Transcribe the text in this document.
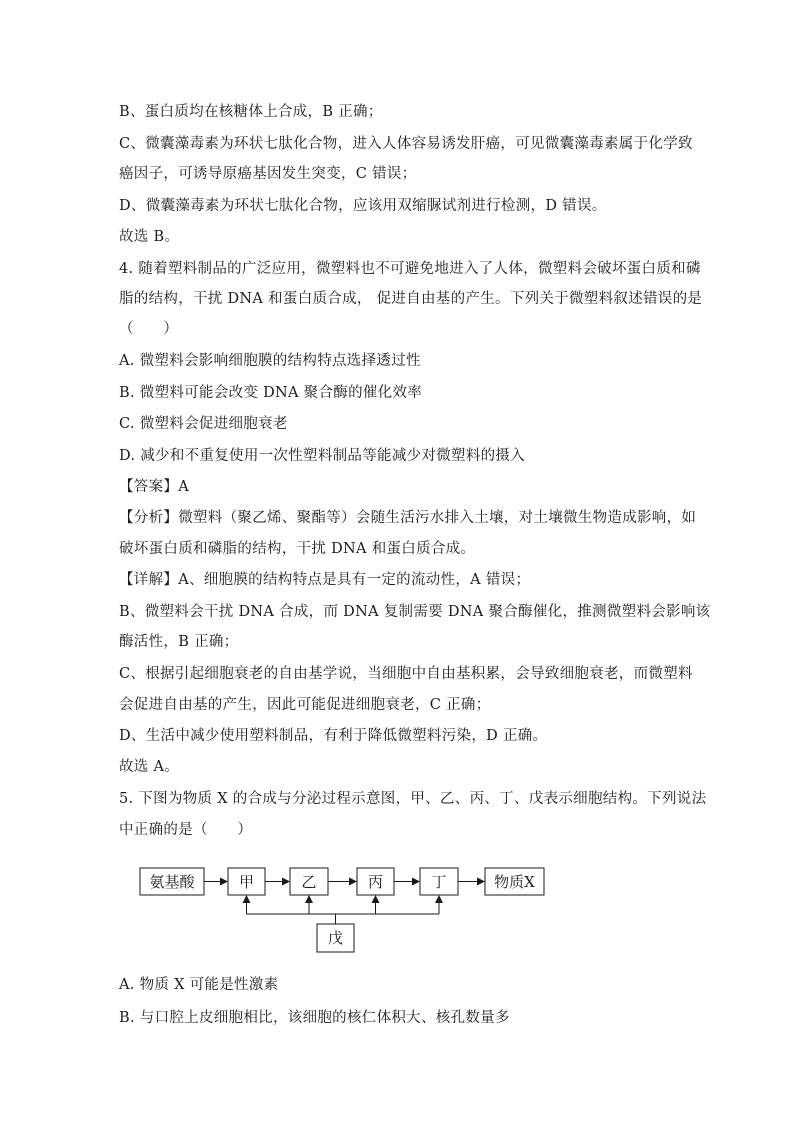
B、蛋白质均在核糖体上合成，B 正确；
C、微囊藻毒素为环状七肽化合物，进入人体容易诱发肝癌，可见微囊藻毒素属于化学致
癌因子，可诱导原癌基因发生突变，C 错误；
D、微囊藻毒素为环状七肽化合物，应该用双缩脲试剂进行检测，D 错误。
故选 B。
4. 随着塑料制品的广泛应用，微塑料也不可避免地进入了人体，微塑料会破坏蛋白质和磷
脂的结构，干扰 DNA 和蛋白质合成， 促进自由基的产生。下列关于微塑料叙述错误的是
（　　）
A. 微塑料会影响细胞膜的结构特点选择透过性
B. 微塑料可能会改变 DNA 聚合酶的催化效率
C. 微塑料会促进细胞衰老
D. 减少和不重复使用一次性塑料制品等能减少对微塑料的摄入
【答案】A
【分析】微塑料（聚乙烯、聚酯等）会随生活污水排入土壤，对土壤微生物造成影响，如
破坏蛋白质和磷脂的结构，干扰 DNA 和蛋白质合成。
【详解】A、细胞膜的结构特点是具有一定的流动性，A 错误；
B、微塑料会干扰 DNA 合成，而 DNA 复制需要 DNA 聚合酶催化，推测微塑料会影响该
酶活性，B 正确；
C、根据引起细胞衰老的自由基学说，当细胞中自由基积累，会导致细胞衰老，而微塑料
会促进自由基的产生，因此可能促进细胞衰老，C 正确；
D、生活中减少使用塑料制品，有利于降低微塑料污染，D 正确。
故选 A。
5. 下图为物质 X 的合成与分泌过程示意图，甲、乙、丙、丁、戊表示细胞结构。下列说法
中正确的是（　　）
氨基酸	甲	乙	丙	丁	物质X
戊
A. 物质 X 可能是性激素
B. 与口腔上皮细胞相比，该细胞的核仁体积大、核孔数量多
